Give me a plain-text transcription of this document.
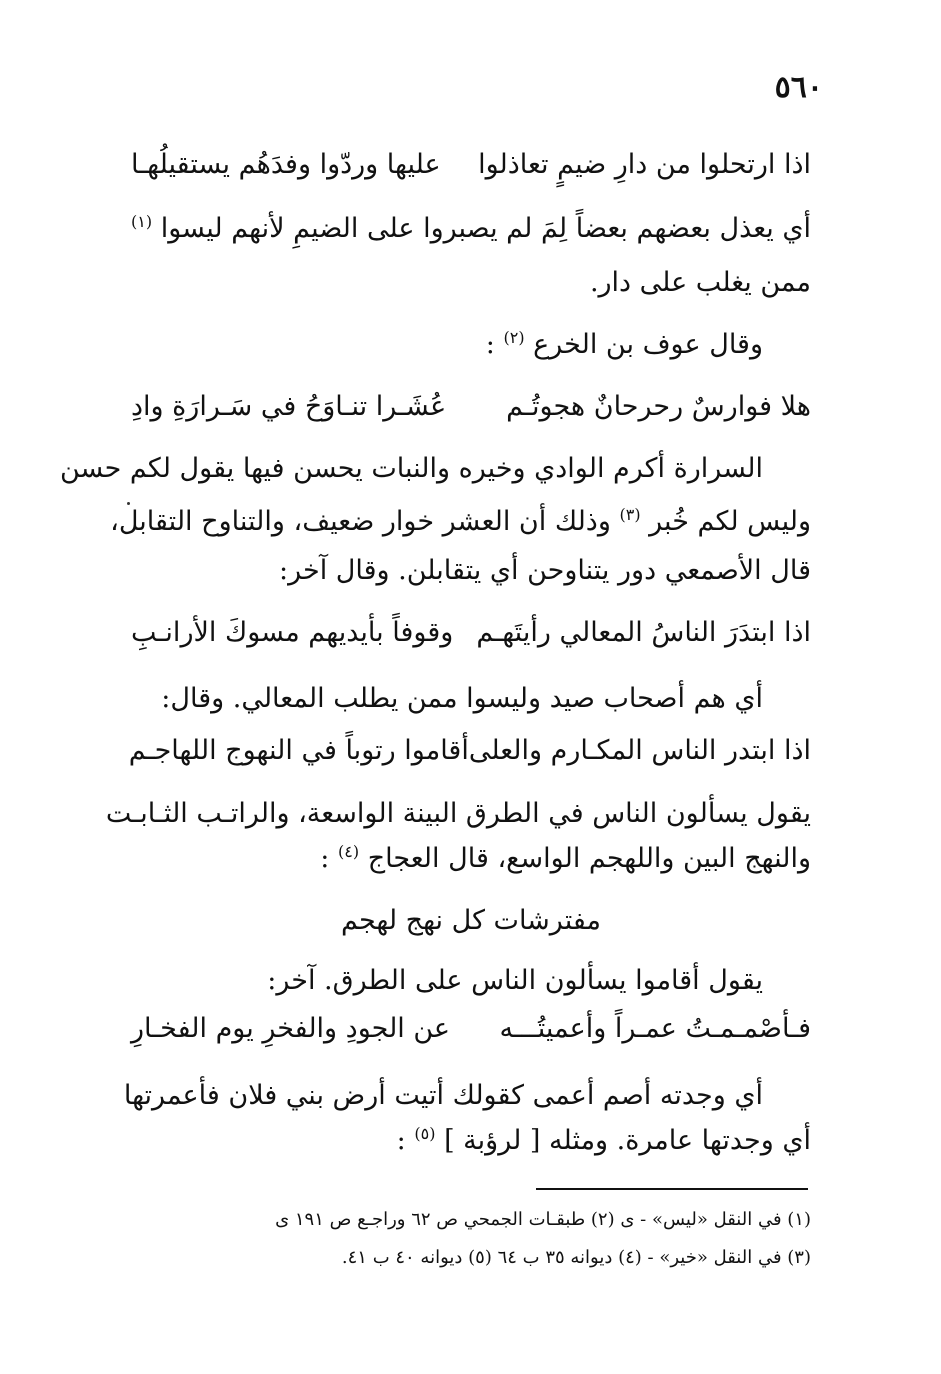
٥٦٠
اذا ارتحلوا من دارِ ضيمٍ تعاذلوا
عليها وردّوا وفدَهُم يستقيلُهـا
أي يعذل بعضهم بعضاً لِمَ لم يصبروا على الضيمِ لأنهم ليسوا $^{(١)}$
ممن يغلب على دار.
وقال عوف بن الخرع $^{(٢)}$ :
هلا فوارسٌ رحرحانٌ هجوتُـم
عُشَـرا تنـاوَحُ في سَـرارَةِ وادِ
السرارة أكرم الوادي وخيره والنبات يحسن فيها يقول لكم حسن
وليس لكم خُبر $^{(٣)}$ وذلك أن العشر خوار ضعيف، والتناوح التقابل،
قال الأصمعي دور يتناوحن أي يتقابلن. وقال آخر:
اذا ابتدَرَ الناسُ المعالي رأيتَهـم
وقوفاً بأيديهم مسوكَ الأرانـبِ
أي هم أصحاب صيد وليسوا ممن يطلب المعالي. وقال:
اذا ابتدر الناس المكـارم والعلى
أقاموا رتوباً في النهوج اللهاجـم
يقول يسألون الناس في الطرق البينة الواسعة، والراتـب الثـابـت
والنهج البين واللهجم الواسع، قال العجاج $^{(٤)}$ :
مفترشات كل نهج لهجم
يقول أقاموا يسألون الناس على الطرق. آخر:
فـأصْمـمـتُ عمـراً وأعميتُـــه
عن الجودِ والفخرِ يوم الفخـارِ
أي وجدته أصم أعمى كقولك أتيت أرض بني فلان فأعمرتها
أي وجدتها عامرة. ومثله [ لرؤبة ] $^{(٥)}$ :
(١) في النقل «ليس» - ى (٢) طبقـات الجمحي ص ٦٢ وراجـع ص ١٩١ ى
(٣) في النقل «خير» - (٤) ديوانه ٣٥ ب ٦٤ (٥) ديوانه ٤٠ ب ٤١.
